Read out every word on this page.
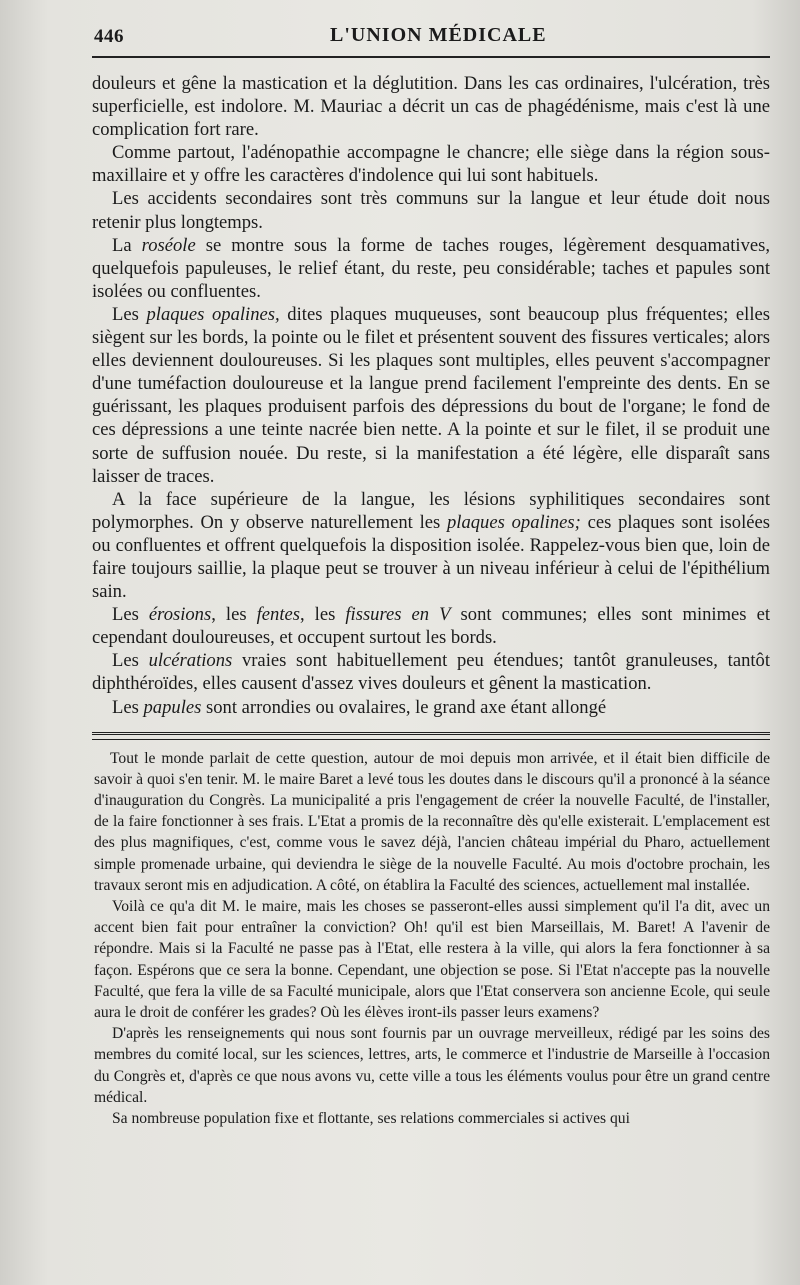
446	L'UNION MÉDICALE

douleurs et gêne la mastication et la déglutition. Dans les cas ordinaires, l'ulcération, très superficielle, est indolore. M. Mauriac a décrit un cas de phagédénisme, mais c'est là une complication fort rare.

Comme partout, l'adénopathie accompagne le chancre; elle siège dans la région sous-maxillaire et y offre les caractères d'indolence qui lui sont habituels.

Les accidents secondaires sont très communs sur la langue et leur étude doit nous retenir plus longtemps.

La roséole se montre sous la forme de taches rouges, légèrement desquamatives, quelquefois papuleuses, le relief étant, du reste, peu considérable; taches et papules sont isolées ou confluentes.

Les plaques opalines, dites plaques muqueuses, sont beaucoup plus fréquentes; elles siègent sur les bords, la pointe ou le filet et présentent souvent des fissures verticales; alors elles deviennent douloureuses. Si les plaques sont multiples, elles peuvent s'accompagner d'une tuméfaction douloureuse et la langue prend facilement l'empreinte des dents. En se guérissant, les plaques produisent parfois des dépressions du bout de l'organe; le fond de ces dépressions a une teinte nacrée bien nette. A la pointe et sur le filet, il se produit une sorte de suffusion nouée. Du reste, si la manifestation a été légère, elle disparaît sans laisser de traces.

A la face supérieure de la langue, les lésions syphilitiques secondaires sont polymorphes. On y observe naturellement les plaques opalines; ces plaques sont isolées ou confluentes et offrent quelquefois la disposition isolée. Rappelez-vous bien que, loin de faire toujours saillie, la plaque peut se trouver à un niveau inférieur à celui de l'épithélium sain.

Les érosions, les fentes, les fissures en V sont communes; elles sont minimes et cependant douloureuses, et occupent surtout les bords.

Les ulcérations vraies sont habituellement peu étendues; tantôt granuleuses, tantôt diphthéroïdes, elles causent d'assez vives douleurs et gênent la mastication.

Les papules sont arrondies ou ovalaires, le grand axe étant allongé

Tout le monde parlait de cette question, autour de moi depuis mon arrivée, et il était bien difficile de savoir à quoi s'en tenir. M. le maire Baret a levé tous les doutes dans le discours qu'il a prononcé à la séance d'inauguration du Congrès. La municipalité a pris l'engagement de créer la nouvelle Faculté, de l'installer, de la faire fonctionner à ses frais. L'Etat a promis de la reconnaître dès qu'elle existerait. L'emplacement est des plus magnifiques, c'est, comme vous le savez déjà, l'ancien château impérial du Pharo, actuellement simple promenade urbaine, qui deviendra le siège de la nouvelle Faculté. Au mois d'octobre prochain, les travaux seront mis en adjudication. A côté, on établira la Faculté des sciences, actuellement mal installée.

Voilà ce qu'a dit M. le maire, mais les choses se passeront-elles aussi simplement qu'il l'a dit, avec un accent bien fait pour entraîner la conviction? Oh! qu'il est bien Marseillais, M. Baret! A l'avenir de répondre. Mais si la Faculté ne passe pas à l'Etat, elle restera à la ville, qui alors la fera fonctionner à sa façon. Espérons que ce sera la bonne. Cependant, une objection se pose. Si l'Etat n'accepte pas la nouvelle Faculté, que fera la ville de sa Faculté municipale, alors que l'Etat conservera son ancienne Ecole, qui seule aura le droit de conférer les grades? Où les élèves iront-ils passer leurs examens?

D'après les renseignements qui nous sont fournis par un ouvrage merveilleux, rédigé par les soins des membres du comité local, sur les sciences, lettres, arts, le commerce et l'industrie de Marseille à l'occasion du Congrès et, d'après ce que nous avons vu, cette ville a tous les éléments voulus pour être un grand centre médical.

Sa nombreuse population fixe et flottante, ses relations commerciales si actives qui
